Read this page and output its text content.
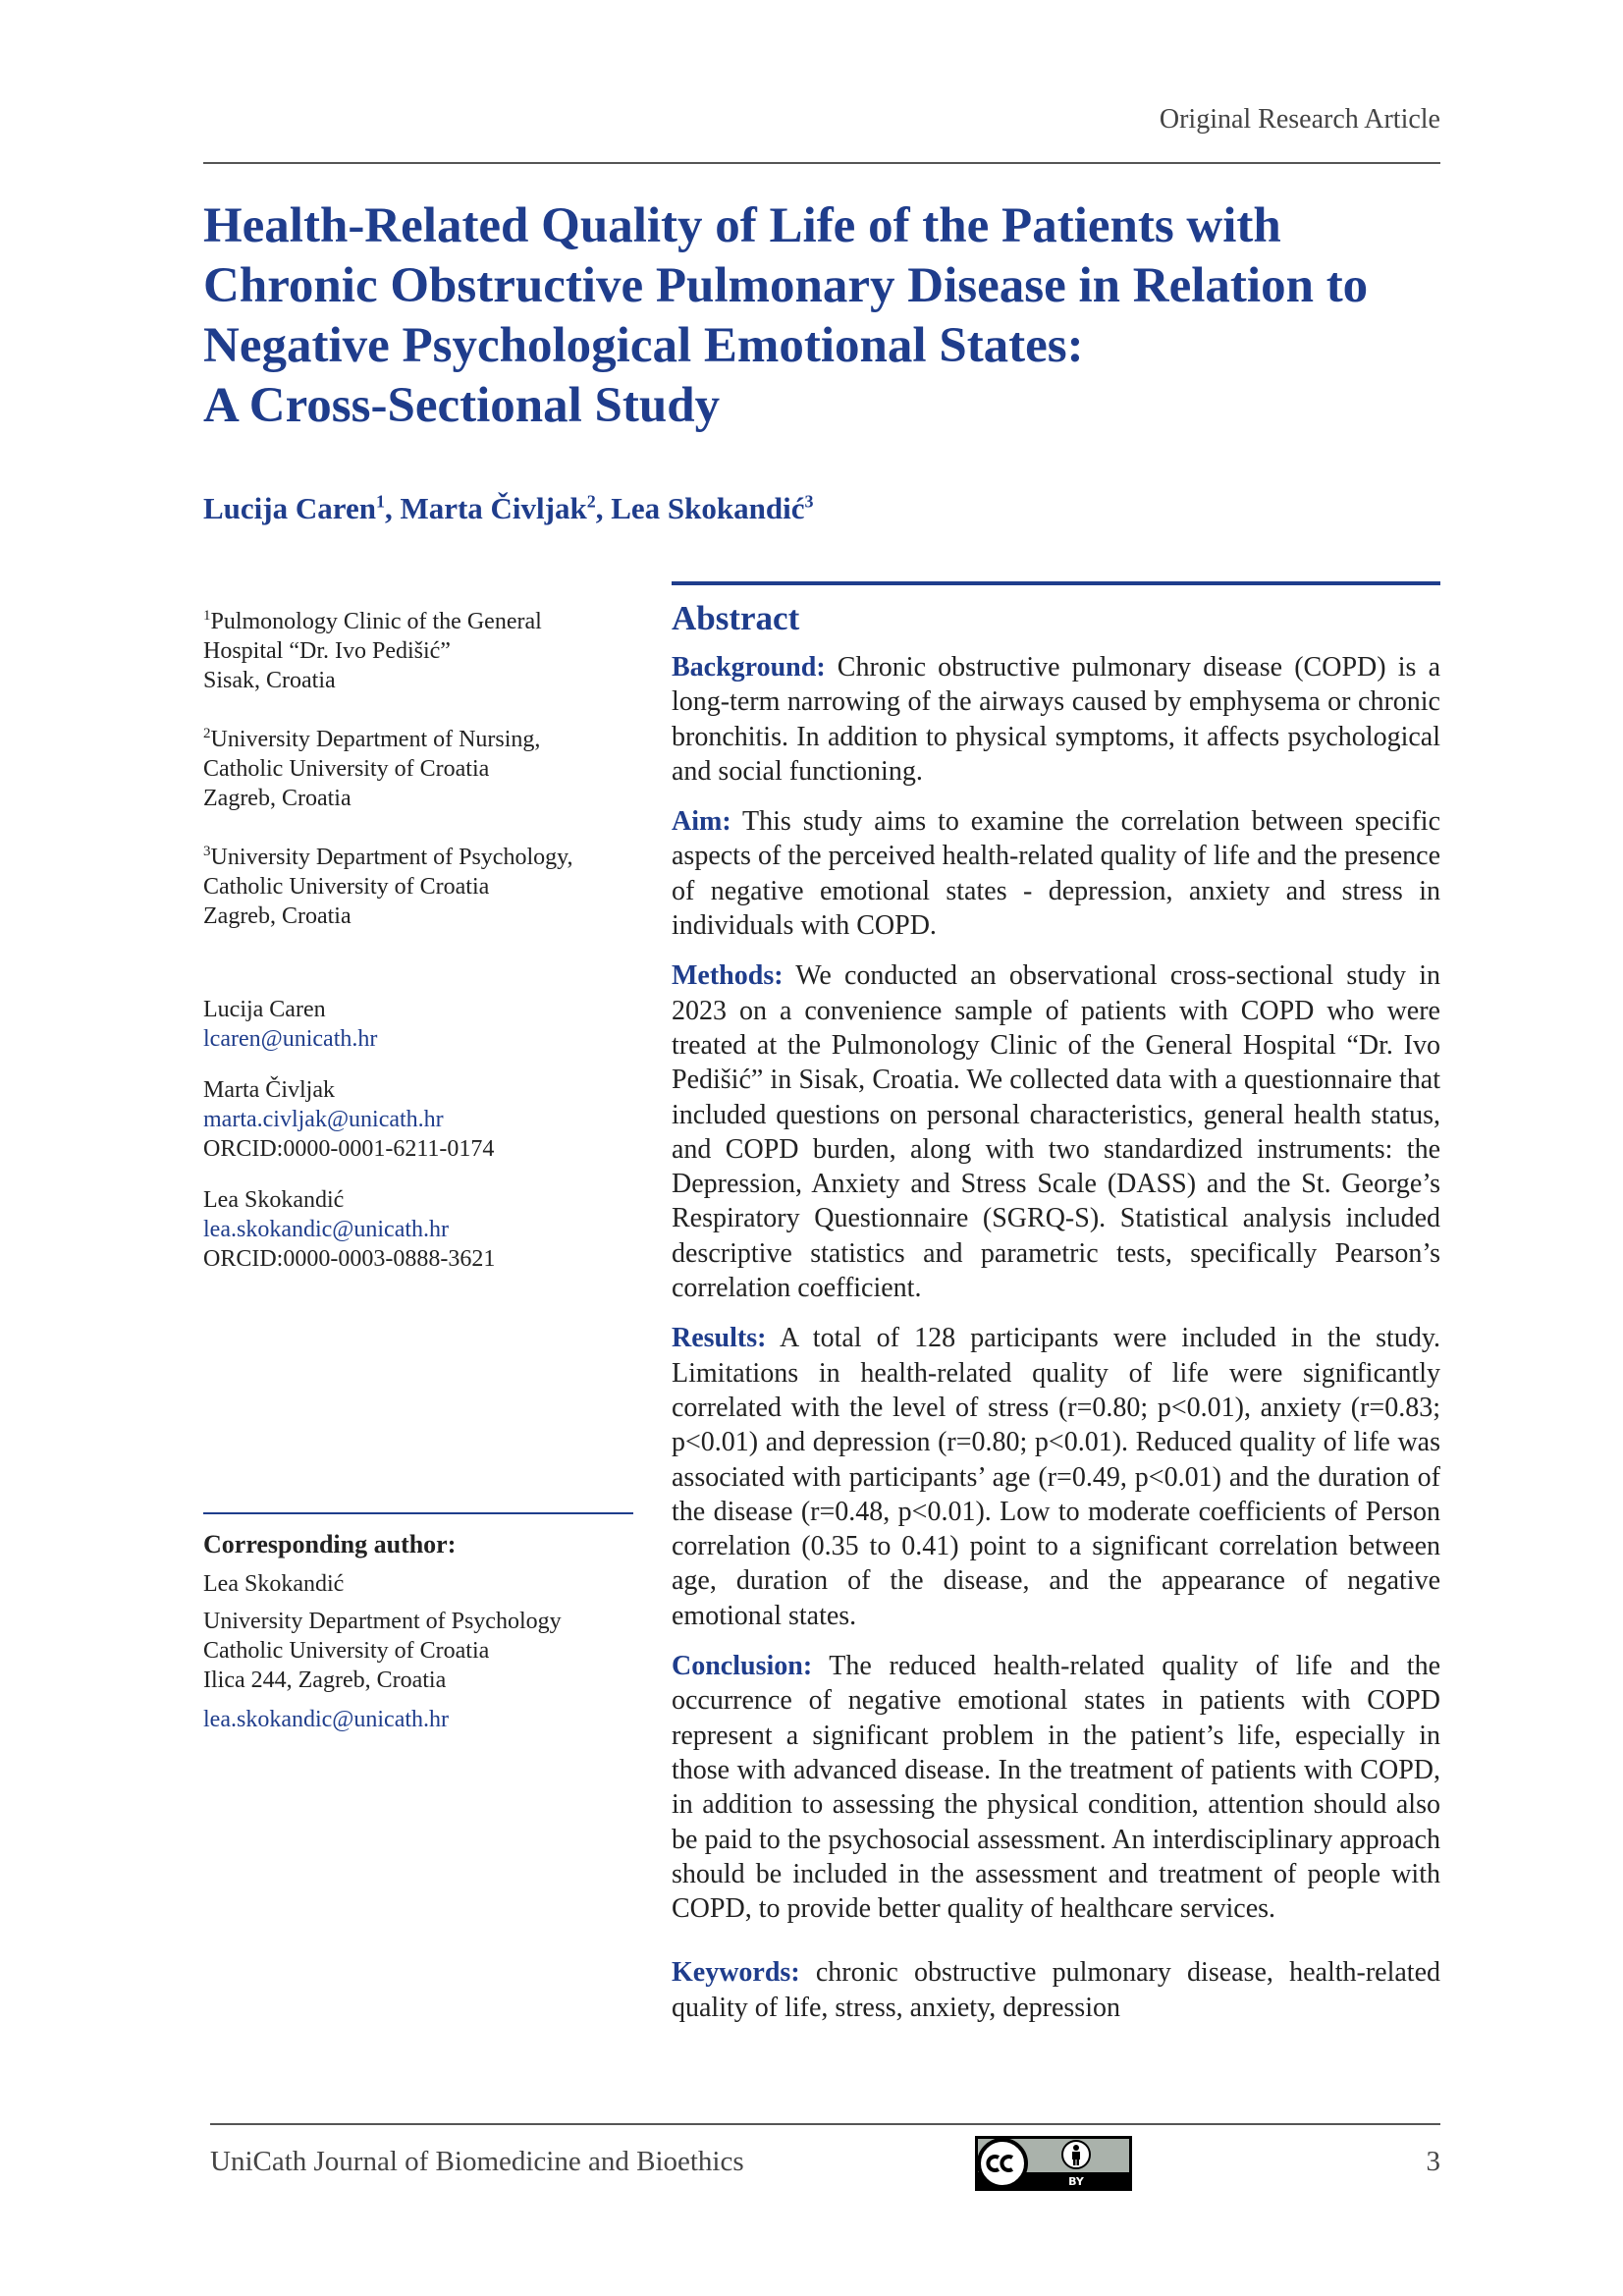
Original Research Article
Health-Related Quality of Life of the Patients with
Chronic Obstructive Pulmonary Disease in Relation to
Negative Psychological Emotional States:
A Cross-Sectional Study
Lucija Caren$^1$, Marta Čivljak$^2$, Lea Skokandić$^3$
$^1$Pulmonology Clinic of the General
Hospital “Dr. Ivo Pedišić”
Sisak, Croatia
$^2$University Department of Nursing,
Catholic University of Croatia
Zagreb, Croatia
$^3$University Department of Psychology,
Catholic University of Croatia
Zagreb, Croatia
Lucija Caren
lcaren@unicath.hr
Marta Čivljak
marta.civljak@unicath.hr
ORCID:0000-0001-6211-0174
Lea Skokandić
lea.skokandic@unicath.hr
ORCID:0000-0003-0888-3621
Corresponding author:
Lea Skokandić
University Department of Psychology
Catholic University of Croatia
Ilica 244, Zagreb, Croatia
lea.skokandic@unicath.hr
Abstract

Background: Chronic obstructive pulmonary disease (COPD) is a long-term narrowing of the airways caused by emphysema or chronic bronchitis. In addition to physical symptoms, it affects psychological and social functioning.

Aim: This study aims to examine the correlation between specific aspects of the perceived health-related quality of life and the presence of negative emotional states - depression, anxiety and stress in individuals with COPD.

Methods: We conducted an observational cross-sectional study in 2023 on a convenience sample of patients with COPD who were treated at the Pulmonology Clinic of the General Hospital “Dr. Ivo Pedišić” in Sisak, Croatia. We collected data with a questionnaire that included questions on personal characteristics, general health status, and COPD burden, along with two standardized instruments: the Depression, Anxiety and Stress Scale (DASS) and the St. George’s Respiratory Questionnaire (SGRQ-S). Statistical analysis included descriptive statistics and parametric tests, specifically Pearson’s correlation coefficient.

Results: A total of 128 participants were included in the study. Limitations in health-related quality of life were significantly correlated with the level of stress (r=0.80; p<0.01), anxiety (r=0.83; p<0.01) and depression (r=0.80; p<0.01). Reduced quality of life was associated with participants’ age (r=0.49, p<0.01) and the duration of the disease (r=0.48, p<0.01). Low to moderate coefficients of Person correlation (0.35 to 0.41) point to a significant correlation between age, duration of the disease, and the appearance of negative emotional states.

Conclusion: The reduced health-related quality of life and the occurrence of negative emotional states in patients with COPD represent a significant problem in the patient’s life, especially in those with advanced disease. In the treatment of patients with COPD, in addition to assessing the physical condition, attention should also be paid to the psychosocial assessment. An interdisciplinary approach should be included in the assessment and treatment of people with COPD, to provide better quality of healthcare services.

Keywords: chronic obstructive pulmonary disease, health-related quality of life, stress, anxiety, depression

UniCath Journal of Biomedicine and Bioethics
BY
3
